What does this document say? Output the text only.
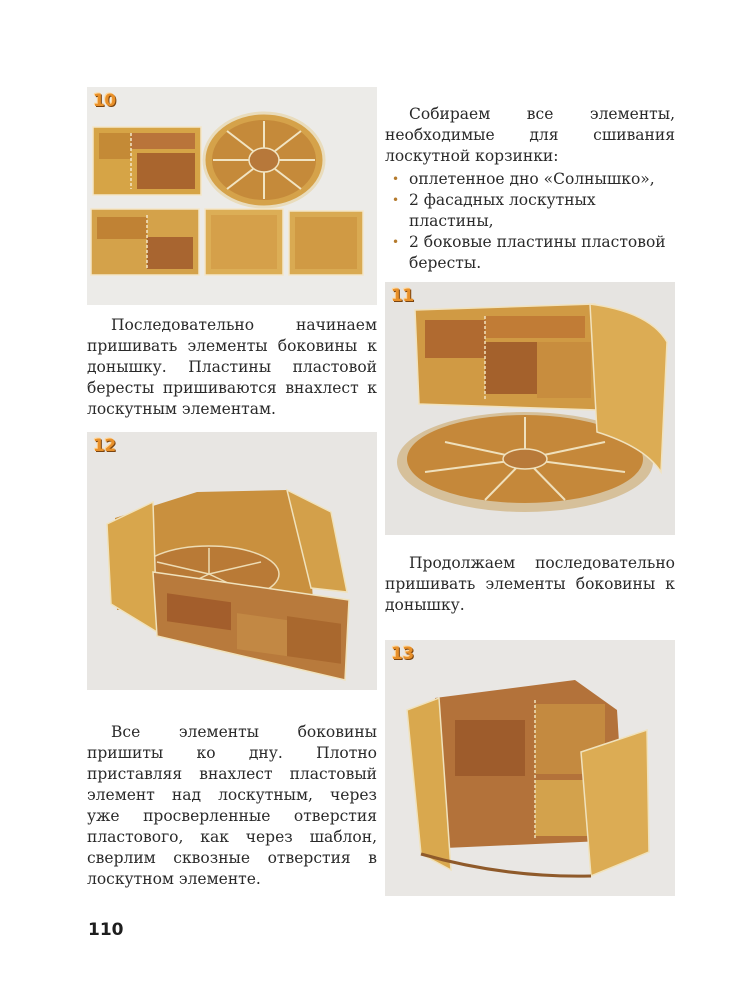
10

Собираем все элементы, необходимые для сшивания лоскутной корзинки:

• оплетенное дно «Солнышко»,
• 2 фасадных лоскутных пластины,
• 2 боковые пластины пластовой бересты.

Последовательно начинаем пришивать элементы боковины к донышку. Пластины пластовой бересты пришиваются внахлест к лоскутным элементам.

11
12

Продолжаем последовательно пришивать элементы боковины к донышку.

13

Все элементы боковины пришиты ко дну. Плотно приставляя внахлест пластовый элемент над лоскутным, через уже просверленные отверстия пластового, как через шаблон, сверлим сквозные отверстия в лоскутном элементе.

110
